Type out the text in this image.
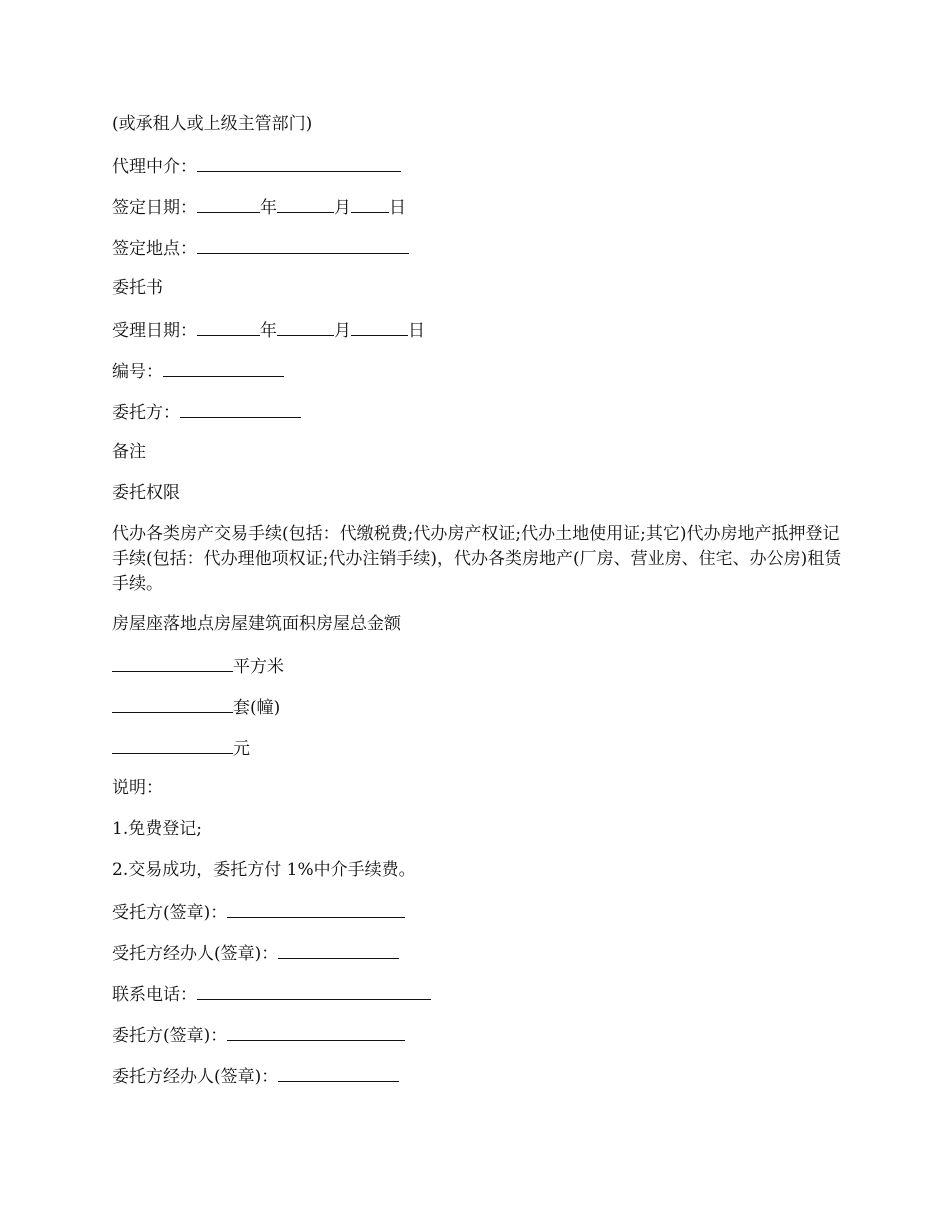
(或承租人或上级主管部门)
代理中介：
签定日期：	年	月 日
签定地点：
委托书
受理日期：	年	月	日
编号：
委托方：
备注
委托权限
代办各类房产交易手续(包括：代缴税费;代办房产权证;代办土地使用证;其它)代办房地产抵押登记手续(包括：代办理他项权证;代办注销手续)，代办各类房地产(厂房、营业房、住宅、办公房)租赁手续。
房屋座落地点房屋建筑面积房屋总金额
平方米
套(幢)
元
说明：
1.免费登记;
2.交易成功，委托方付 1%中介手续费。
受托方(签章)：
受托方经办人(签章)：
联系电话：
委托方(签章)：
委托方经办人(签章)：
